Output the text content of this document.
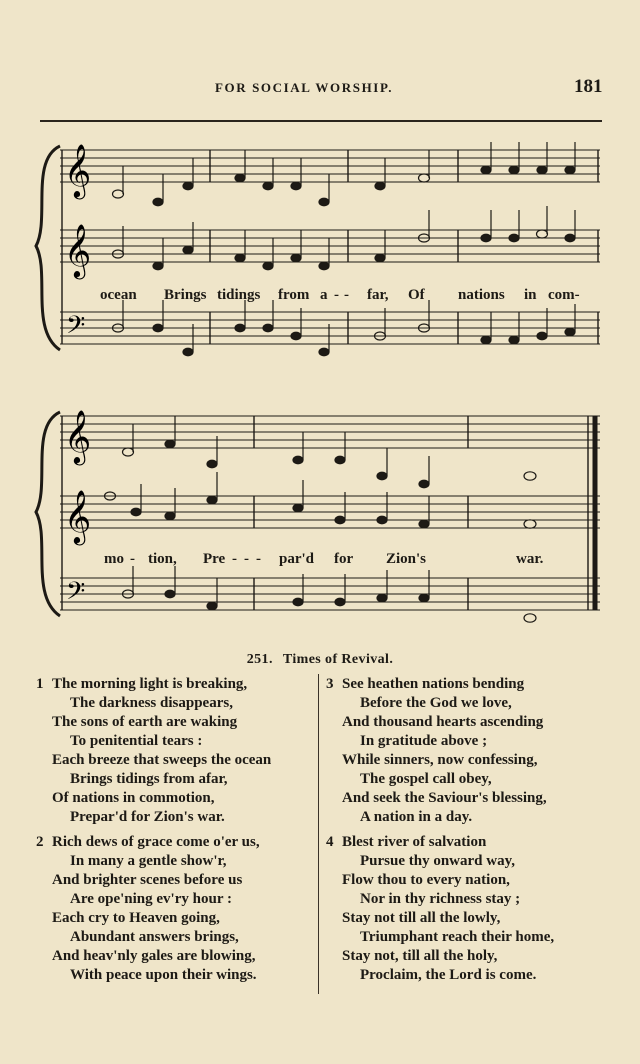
FOR SOCIAL WORSHIP.	181
𝄞
𝄞
𝄢
ocean Brings tidings from a - - far, Of nations in com-
𝄞
𝄞
𝄢
mo - tion, Pre - - - par'd for Zion's	war.
251. Times of Revival.
1 The morning light is breaking,
The darkness disappears,
The sons of earth are waking
To penitential tears :
Each breeze that sweeps the ocean
Brings tidings from afar,
Of nations in commotion,
Prepar'd for Zion's war.
2 Rich dews of grace come o'er us,
In many a gentle show'r,
And brighter scenes before us
Are ope'ning ev'ry hour :
Each cry to Heaven going,
Abundant answers brings,
And heav'nly gales are blowing,
With peace upon their wings.
3 See heathen nations bending
Before the God we love,
And thousand hearts ascending
In gratitude above ;
While sinners, now confessing,
The gospel call obey,
And seek the Saviour's blessing,
A nation in a day.
4 Blest river of salvation
Pursue thy onward way,
Flow thou to every nation,
Nor in thy richness stay ;
Stay not till all the lowly,
Triumphant reach their home,
Stay not, till all the holy,
Proclaim, the Lord is come.
